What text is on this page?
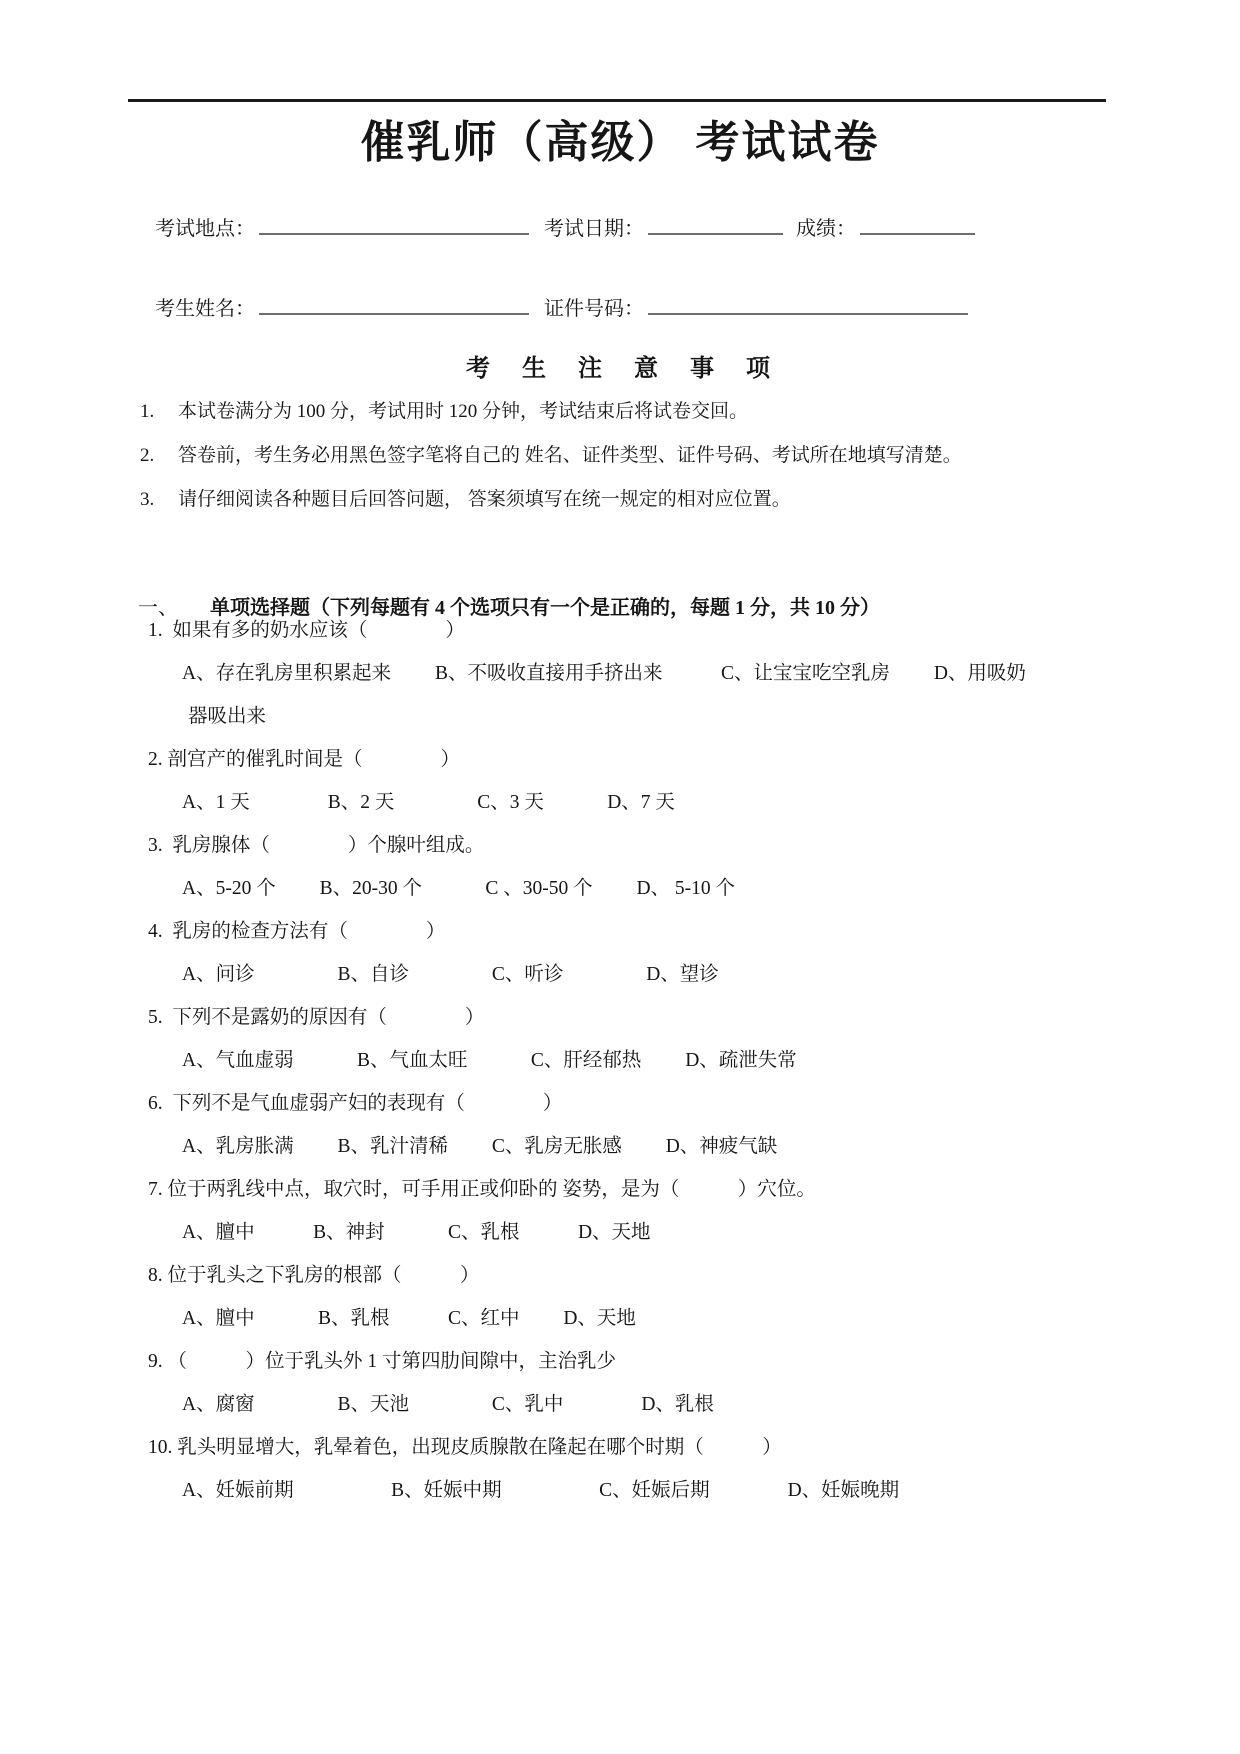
催乳师（高级） 考试试卷
考试地点：	考试日期：	成绩：
考生姓名：	证件号码：
考　生　注　意　事　项
1.　 本试卷满分为 100 分，考试用时 120 分钟，考试结束后将试卷交回。
2.　 答卷前，考生务必用黑色签字笔将自己的 姓名、证件类型、证件号码、考试所在地填写清楚。
3.　 请仔细阅读各种题目后回答问题， 答案须填写在统一规定的相对应位置。

一、 单项选择题（下列每题有 4 个选项只有一个是正确的，每题 1 分，共 10 分）

1.  如果有多的奶水应该（　　　　）
A、存在乳房里积累起来　　 B、不吸收直接用手挤出来　　　C、让宝宝吃空乳房　　 D、用吸奶
器吸出来
2. 剖宫产的催乳时间是（　　　　）
A、1 天　　　　B、2 天　　　　 C、3 天　　　 D、7 天
3.  乳房腺体（　　　　）个腺叶组成。
A、5-20 个　　 B、20-30 个　　　 C 、30-50 个　　 D、 5-10 个
4.  乳房的检查方法有（　　　　）
A、问诊　　　　 B、自诊　　　　 C、听诊　　　　 D、望诊
5.  下列不是露奶的原因有（　　　　）
A、气血虚弱　　　 B、气血太旺　　　 C、肝经郁热　　 D、疏泄失常
6.  下列不是气血虚弱产妇的表现有（　　　　）
A、乳房胀满　　 B、乳汁清稀　　 C、乳房无胀感　　 D、神疲气缺
7. 位于两乳线中点，取穴时，可手用正或仰卧的 姿势，是为（　　　）穴位。
A、膻中　　　B、神封　　　 C、乳根　　　D、天地
8. 位于乳头之下乳房的根部（　　　）
A、膻中　　　 B、乳根　　　C、红中　　 D、天地
9. （　　　）位于乳头外 1 寸第四肋间隙中，主治乳少
A、腐窗　　　　 B、天池　　　　 C、乳中　　　　D、乳根
10. 乳头明显增大，乳晕着色，出现皮质腺散在隆起在哪个时期（　　　）
A、妊娠前期　　　　　B、妊娠中期　　　　　C、妊娠后期　　　　D、妊娠晚期
